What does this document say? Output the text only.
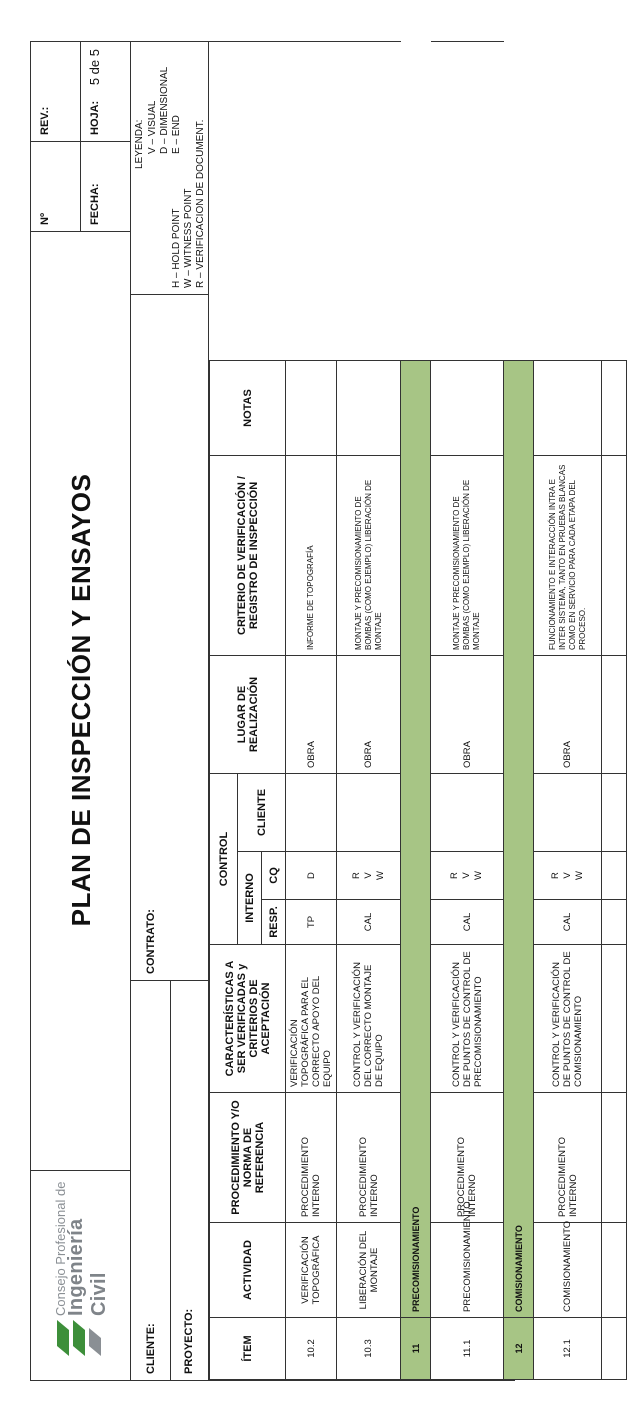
Consejo Profesional de
Ingeniería Civil
PLAN DE INSPECCIÓN Y ENSAYOS
Nº
REV.:
FECHA:
HOJA:
5 de 5
CLIENTE: PROYECTO:
CONTRATO:
LEYENDA:
H – HOLD POINT W – WITNESS POINT R – VERIFICACION DE DOCUMENT.
V – VISUAL D – DIMENSIONAL E – END
ÍTEM	ACTIVIDAD	PROCEDIMIENTO Y/O NORMA DE REFERENCIA	CARACTERÍSTICAS A SER VERIFICADAS y CRITERIOS DE ACEPTACIÓN	CONTROL			LUGAR DE REALIZACIÓN	CRITERIO DE VERIFICACIÓN / REGISTRO DE INSPECCIÓN	NOTAS	
				INTERNO		CLIENTE				
				RESP.	CQ					
10.2	VERIFICACIÓN TOPOGRÁFICA	PROCEDIMIENTO INTERNO	VERIFICACIÓN TOPOGRÁFICA PARA EL CORRECTO APOYO DEL EQUIPO	TP	D		OBRA	INFORME DE TOPOGRAFÍA		
10.3	LIBERACIÓN DEL MONTAJE	PROCEDIMIENTO INTERNO	CONTROL Y VERIFICACIÓN DEL CORRECTO MONTAJE DE EQUIPO	CAL	R V W		OBRA	MONTAJE Y PRECOMISIONAMIENTO DE BOMBAS (COMO EJEMPLO) LIBERACIÓN DE MONTAJE		
11	PRECOMISIONAMIENTO									
11.1	PRECOMISIONAMIENTO	PROCEDIMIENTO INTERNO	CONTROL Y VERIFICACIÓN DE PUNTOS DE CONTROL DE PRECOMISIONAMIENTO	CAL	R V W		OBRA	MONTAJE Y PRECOMISIONAMIENTO DE BOMBAS (COMO EJEMPLO) LIBERACIÓN DE MONTAJE		
12	COMISIONAMIENTO									
12.1	COMISIONAMIENTO	PROCEDIMIENTO INTERNO	CONTROL Y VERIFICACIÓN DE PUNTOS DE CONTROL DE COMISIONAMIENTO	CAL	R V W		OBRA	FUNCIONAMIENTO E INTERACCIÓN INTRA E INTER SISTEMA, TANTO EN PRUEBAS BLANCAS COMO EN SERVICIO PARA CADA ETAPA DEL PROCESO.		
